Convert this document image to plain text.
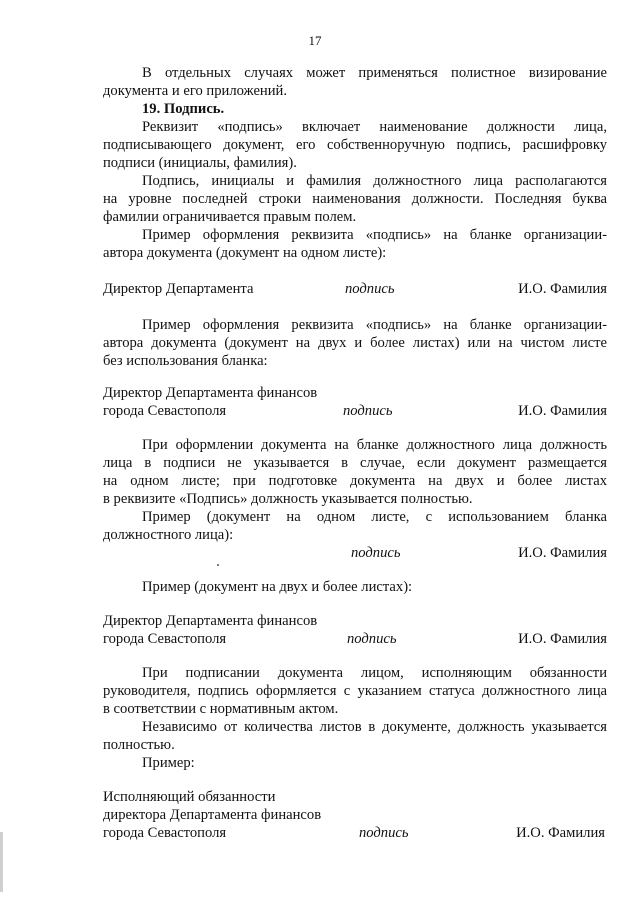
17
В отдельных случаях может применяться полистное визирование
документа и его приложений.
19. Подпись.
Реквизит «подпись» включает наименование должности лица,
подписывающего документ, его собственноручную подпись, расшифровку
подписи (инициалы, фамилия).
Подпись, инициалы и фамилия должностного лица располагаются
на уровне последней строки наименования должности. Последняя буква
фамилии ограничивается правым полем.
Пример оформления реквизита «подпись» на бланке организации-
автора документа (документ на одном листе):
Директор Департамента	подпись	И.О. Фамилия
Пример оформления реквизита «подпись» на бланке организации-
автора документа (документ на двух и более листах) или на чистом листе
без использования бланка:
Директор Департамента финансов
города Севастополя	подпись	И.О. Фамилия
При оформлении документа на бланке должностного лица должность
лица в подписи не указывается в случае, если документ размещается
на одном листе; при подготовке документа на двух и более листах
в реквизите «Подпись» должность указывается полностью.
Пример (документ на одном листе, с использованием бланка
должностного лица):
подпись	И.О. Фамилия
Пример (документ на двух и более листах):
Директор Департамента финансов
города Севастополя	подпись	И.О. Фамилия
При подписании документа лицом, исполняющим обязанности
руководителя, подпись оформляется с указанием статуса должностного лица
в соответствии с нормативным актом.
Независимо от количества листов в документе, должность указывается
полностью.
Пример:
Исполняющий обязанности
директора Департамента финансов
города Севастополя	подпись	И.О. Фамилия
